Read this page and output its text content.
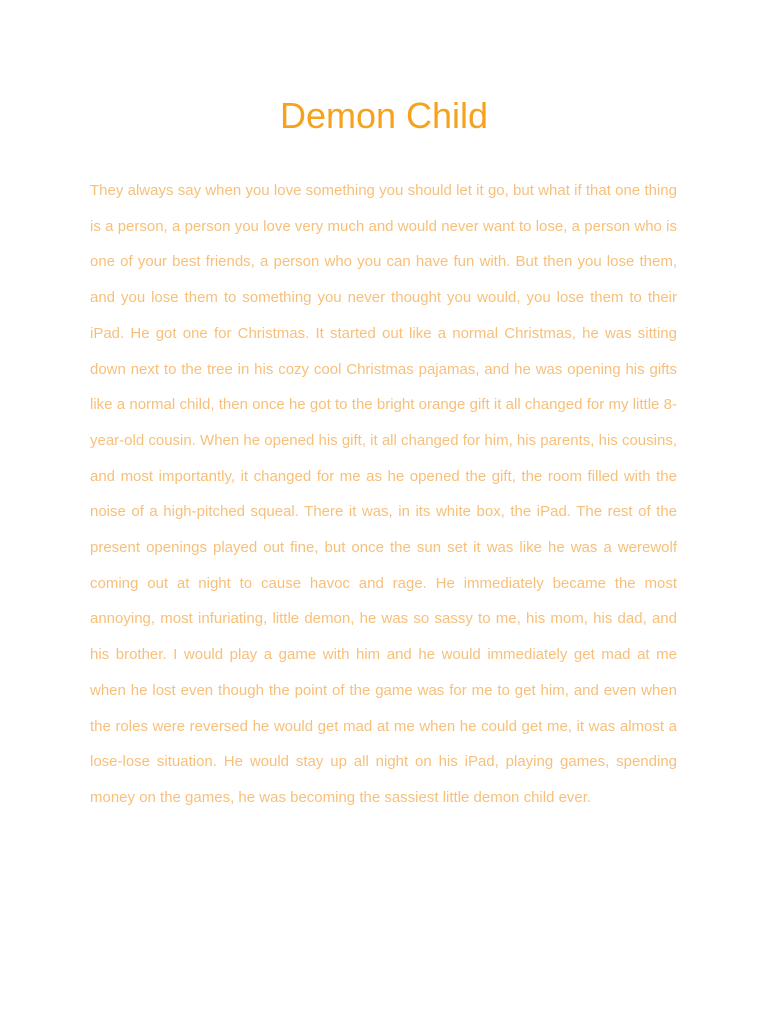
Demon Child

They always say when you love something you should let it go, but what if that one thing is a person, a person you love very much and would never want to lose, a person who is one of your best friends, a person who you can have fun with. But then you lose them, and you lose them to something you never thought you would, you lose them to their iPad. He got one for Christmas. It started out like a normal Christmas, he was sitting down next to the tree in his cozy cool Christmas pajamas, and he was opening his gifts like a normal child, then once he got to the bright orange gift it all changed for my little 8-year-old cousin. When he opened his gift, it all changed for him, his parents, his cousins, and most importantly, it changed for me as he opened the gift, the room filled with the noise of a high-pitched squeal. There it was, in its white box, the iPad. The rest of the present openings played out fine, but once the sun set it was like he was a werewolf coming out at night to cause havoc and rage. He immediately became the most annoying, most infuriating, little demon, he was so sassy to me, his mom, his dad, and his brother. I would play a game with him and he would immediately get mad at me when he lost even though the point of the game was for me to get him, and even when the roles were reversed he would get mad at me when he could get me, it was almost a lose-lose situation. He would stay up all night on his iPad, playing games, spending money on the games, he was becoming the sassiest little demon child ever.
